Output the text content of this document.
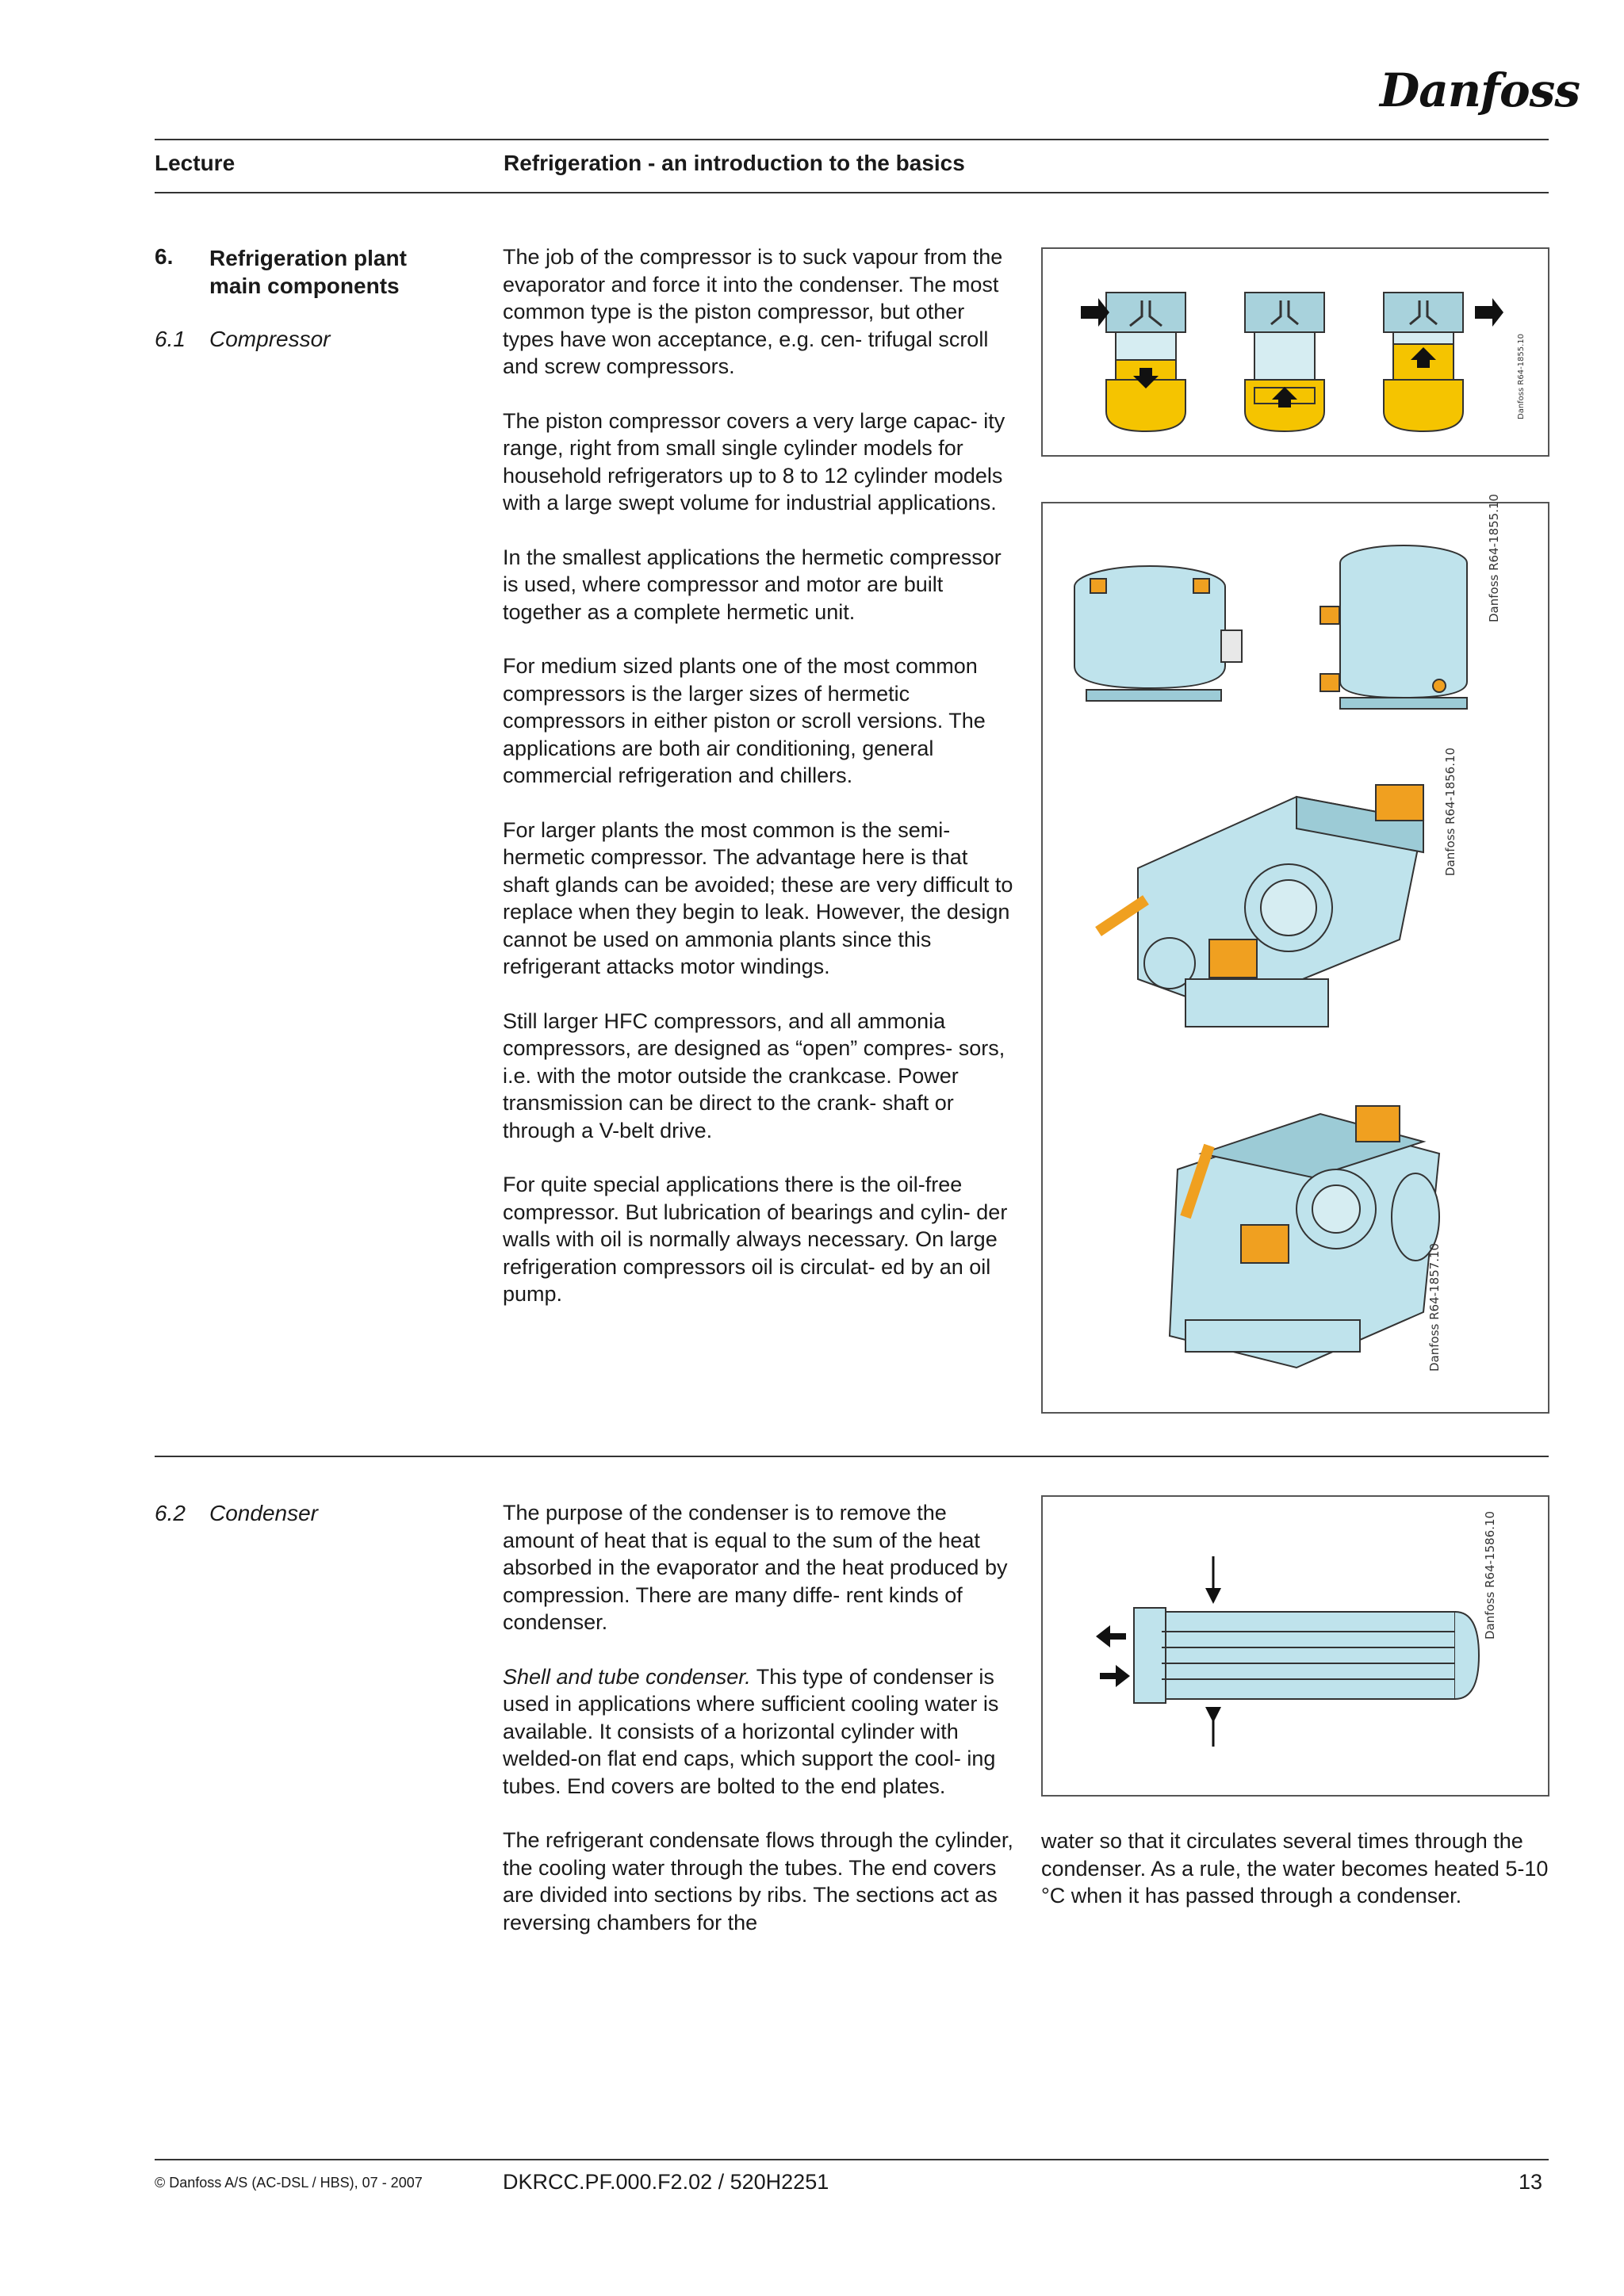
Danfoss
Lecture	Refrigeration - an introduction to the basics
6. Refrigeration plant
main components
6.1 Compressor

The job of the compressor is to suck vapour from the evaporator and force it into the condenser. The most common type is the piston compressor, but other types have won acceptance, e.g. cen- trifugal scroll and screw compressors.

The piston compressor covers a very large capac- ity range, right from small single cylinder models for household refrigerators up to 8 to 12 cylinder models with a large swept volume for industrial applications.

In the smallest applications the hermetic compressor is used, where compressor and motor are built together as a complete hermetic unit.

For medium sized plants one of the most common compressors is the larger sizes of hermetic compressors in either piston or scroll versions. The applications are both air conditioning, general commercial refrigeration and chillers.

For larger plants the most common is the semi- hermetic compressor. The advantage here is that shaft glands can be avoided; these are very difficult to replace when they begin to leak. However, the design cannot be used on ammonia plants since this refrigerant attacks motor windings.

Still larger HFC compressors, and all ammonia compressors, are designed as “open” compres- sors, i.e. with the motor outside the crankcase. Power transmission can be direct to the crank- shaft or through a V-belt drive.

For quite special applications there is the oil-free compressor. But lubrication of bearings and cylin- der walls with oil is normally always necessary. On large refrigeration compressors oil is circulat- ed by an oil pump.

Danfoss R64-1855.10
Danfoss R64-1855.10
Danfoss R64-1856.10
Danfoss R64-1857.10
6.2 Condenser	The purpose of the condenser is to remove the amount of heat that is equal to the sum of the heat absorbed in the evaporator and the heat produced by compression. There are many diffe- rent kinds of condenser.

Shell and tube condenser. This type of condenser is used in applications where sufficient cooling water is available. It consists of a horizontal cylinder with welded-on flat end caps, which support the cool- ing tubes. End covers are bolted to the end plates.

The refrigerant condensate flows through the cylinder, the cooling water through the tubes. The end covers are divided into sections by ribs. The sections act as reversing chambers for the

water so that it circulates several times through the condenser. As a rule, the water becomes heated 5-10 °C when it has passed through a condenser.

Danfoss R64-1586.10
© Danfoss A/S (AC-DSL / HBS), 07 - 2007	DKRCC.PF.000.F2.02 / 520H2251	13
